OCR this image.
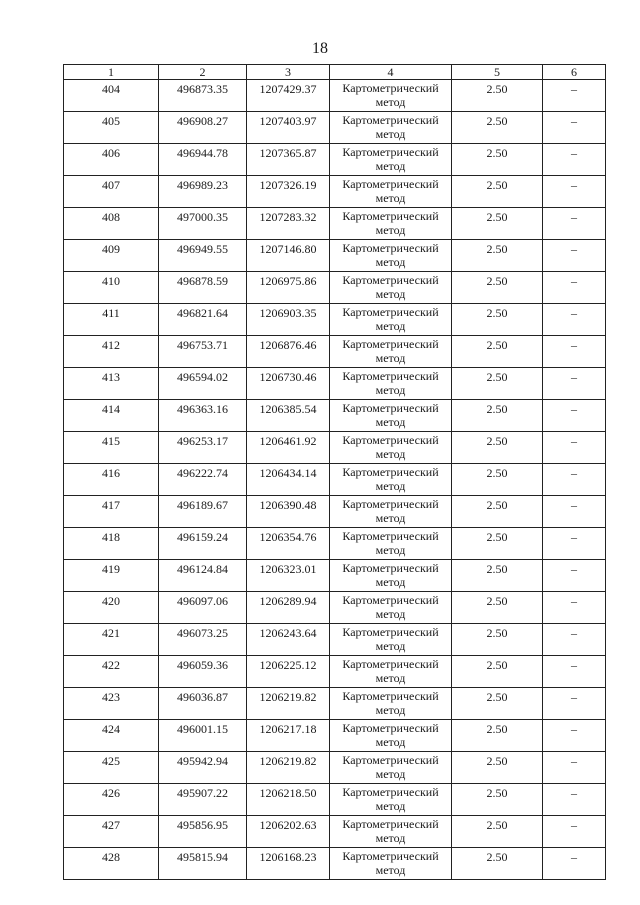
18
1	2	3	4	5	6
404	496873.35	1207429.37	Картометрический метод	2.50	–
405	496908.27	1207403.97	Картометрический метод	2.50	–
406	496944.78	1207365.87	Картометрический метод	2.50	–
407	496989.23	1207326.19	Картометрический метод	2.50	–
408	497000.35	1207283.32	Картометрический метод	2.50	–
409	496949.55	1207146.80	Картометрический метод	2.50	–
410	496878.59	1206975.86	Картометрический метод	2.50	–
411	496821.64	1206903.35	Картометрический метод	2.50	–
412	496753.71	1206876.46	Картометрический метод	2.50	–
413	496594.02	1206730.46	Картометрический метод	2.50	–
414	496363.16	1206385.54	Картометрический метод	2.50	–
415	496253.17	1206461.92	Картометрический метод	2.50	–
416	496222.74	1206434.14	Картометрический метод	2.50	–
417	496189.67	1206390.48	Картометрический метод	2.50	–
418	496159.24	1206354.76	Картометрический метод	2.50	–
419	496124.84	1206323.01	Картометрический метод	2.50	–
420	496097.06	1206289.94	Картометрический метод	2.50	–
421	496073.25	1206243.64	Картометрический метод	2.50	–
422	496059.36	1206225.12	Картометрический метод	2.50	–
423	496036.87	1206219.82	Картометрический метод	2.50	–
424	496001.15	1206217.18	Картометрический метод	2.50	–
425	495942.94	1206219.82	Картометрический метод	2.50	–
426	495907.22	1206218.50	Картометрический метод	2.50	–
427	495856.95	1206202.63	Картометрический метод	2.50	–
428	495815.94	1206168.23	Картометрический метод	2.50	–
